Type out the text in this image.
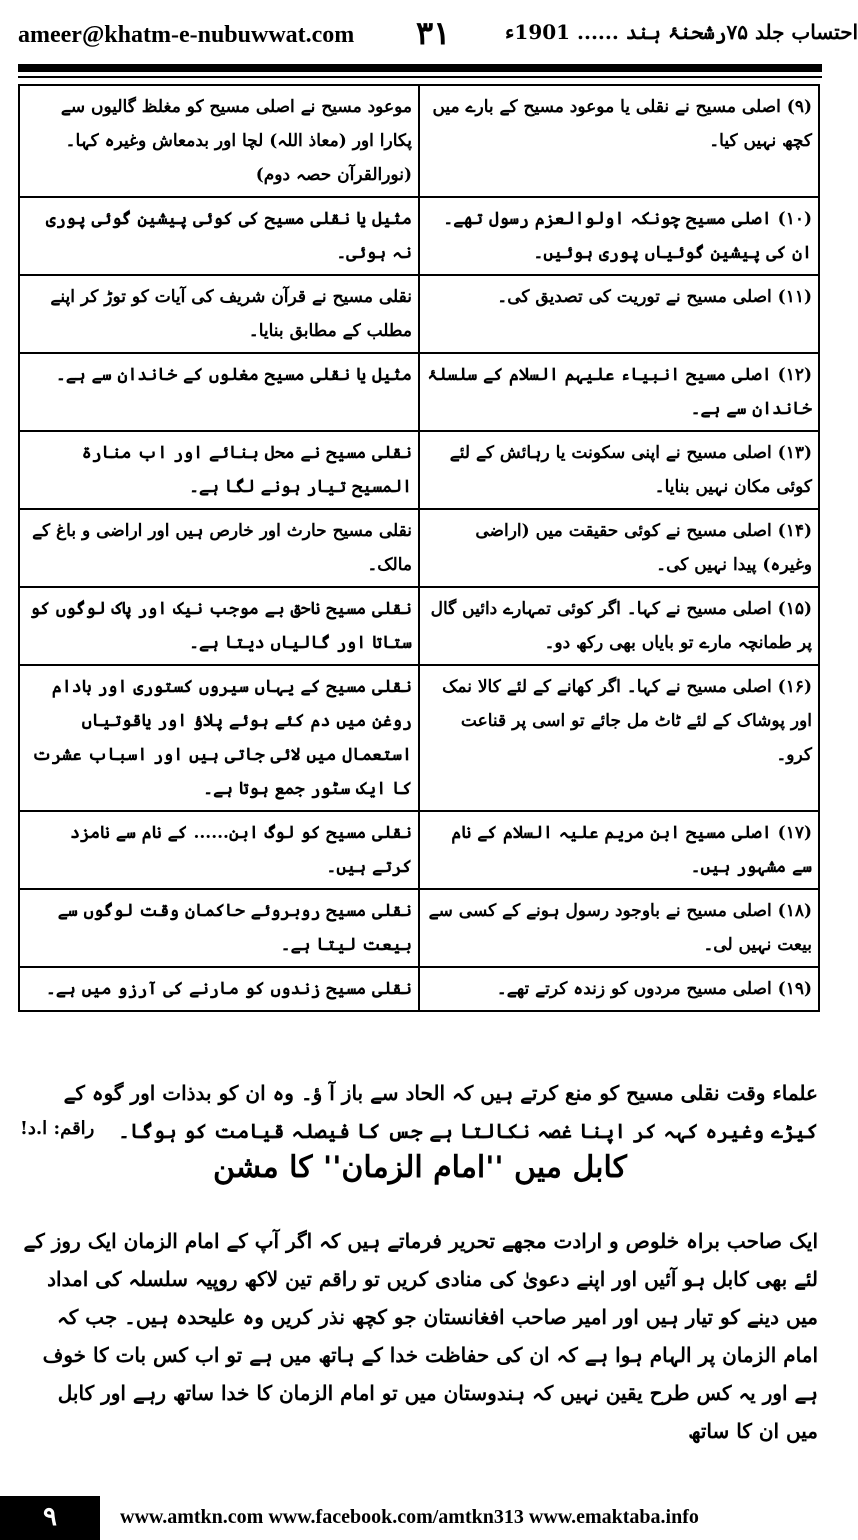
ameer@khatm-e-nubuwwat.com ۳۱	احتساب جلد ۷۵رشحنۂ ہند ...... 1901ء
(۹) اصلی مسیح نے نقلی یا موعود مسیح کے بارے میں کچھ نہیں کیا۔	موعود مسیح نے اصلی مسیح کو مغلظ گالیوں سے پکارا اور (معاذ اللہ) لچا اور بدمعاش وغیرہ کہا۔ (نورالقرآن حصہ دوم)
(۱۰) اصلی مسیح چونکہ اولوالعزم رسول تھے۔ ان کی پیشین گوئیاں پوری ہوئیں۔	مثیل یا نقلی مسیح کی کوئی پیشین گوئی پوری نہ ہوئی۔
(۱۱) اصلی مسیح نے توریت کی تصدیق کی۔	نقلی مسیح نے قرآن شریف کی آیات کو توڑ کر اپنے مطلب کے مطابق بنایا۔
(۱۲) اصلی مسیح انبیاء علیہم السلام کے سلسلۂ خاندان سے ہے۔	مثیل یا نقلی مسیح مغلوں کے خاندان سے ہے۔
(۱۳) اصلی مسیح نے اپنی سکونت یا رہائش کے لئے کوئی مکان نہیں بنایا۔	نقلی مسیح نے محل بنائے اور اب منارۃ المسیح تیار ہونے لگا ہے۔
(۱۴) اصلی مسیح نے کوئی حقیقت میں (اراضی وغیرہ) پیدا نہیں کی۔	نقلی مسیح حارث اور خارص ہیں اور اراضی و باغ کے مالک۔
(۱۵) اصلی مسیح نے کہا۔ اگر کوئی تمہارے دائیں گال پر طمانچہ مارے تو بایاں بھی رکھ دو۔	نقلی مسیح ناحق بے موجب نیک اور پاک لوگوں کو ستاتا اور گالیاں دیتا ہے۔
(۱۶) اصلی مسیح نے کہا۔ اگر کھانے کے لئے کالا نمک اور پوشاک کے لئے ٹاٹ مل جائے تو اسی پر قناعت کرو۔	نقلی مسیح کے یہاں سیروں کستوری اور بادام روغن میں دم کئے ہوئے پلاؤ اور یاقوتیاں استعمال میں لائی جاتی ہیں اور اسباب عشرت کا ایک سٹور جمع ہوتا ہے۔
(۱۷) اصلی مسیح ابن مریم علیہ السلام کے نام سے مشہور ہیں۔	نقلی مسیح کو لوگ ابن...... کے نام سے نامزد کرتے ہیں۔
(۱۸) اصلی مسیح نے باوجود رسول ہونے کے کسی سے بیعت نہیں لی۔	نقلی مسیح روبروئے حاکمان وقت لوگوں سے بیعت لیتا ہے۔
(۱۹) اصلی مسیح مردوں کو زندہ کرتے تھے۔	نقلی مسیح زندوں کو مارنے کی آرزو میں ہے۔
علماء وقت نقلی مسیح کو منع کرتے ہیں کہ الحاد سے باز آ ؤ۔ وہ ان کو بدذات اور گوہ کے
کیڑے وغیرہ کہہ کر اپنا غصہ نکالتا ہے جس کا فیصلہ قیامت کو ہوگا۔
راقم: ا.د!
کابل میں ''امام الزمان'' کا مشن
ایک صاحب براہ خلوص و ارادت مجھے تحریر فرماتے ہیں کہ اگر آپ کے امام الزمان ایک روز کے لئے بھی کابل ہو آئیں اور اپنے دعویٰ کی منادی کریں تو راقم تین لاکھ روپیہ سلسلہ کی امداد میں دینے کو تیار ہیں اور امیر صاحب افغانستان جو کچھ نذر کریں وہ علیحدہ ہیں۔ جب کہ امام الزمان پر الہام ہوا ہے کہ ان کی حفاظت خدا کے ہاتھ میں ہے تو اب کس بات کا خوف ہے اور یہ کس طرح یقین نہیں کہ ہندوستان میں تو امام الزمان کا خدا ساتھ رہے اور کابل میں ان کا ساتھ
۹	www.amtkn.com www.facebook.com/amtkn313 www.emaktaba.info
